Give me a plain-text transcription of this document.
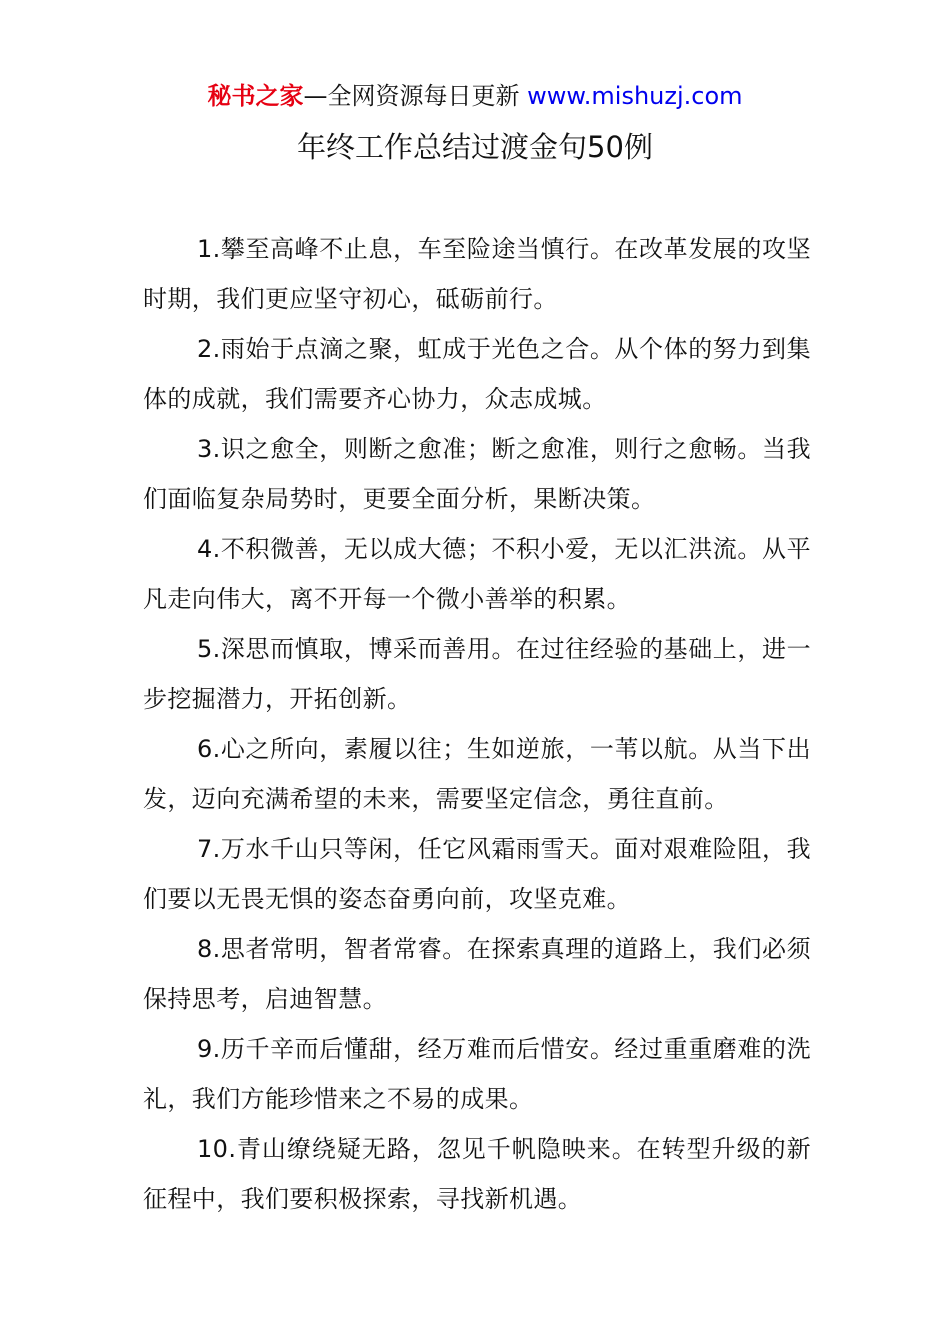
秘书之家—全网资源每日更新 www.mishuzj.com
年终工作总结过渡金句50例

1.攀至高峰不止息，车至险途当慎行。在改革发展的攻坚时期，我们更应坚守初心，砥砺前行。

2.雨始于点滴之聚，虹成于光色之合。从个体的努力到集体的成就，我们需要齐心协力，众志成城。

3.识之愈全，则断之愈准；断之愈准，则行之愈畅。当我们面临复杂局势时，更要全面分析，果断决策。

4.不积微善，无以成大德；不积小爱，无以汇洪流。从平凡走向伟大，离不开每一个微小善举的积累。

5.深思而慎取，博采而善用。在过往经验的基础上，进一步挖掘潜力，开拓创新。

6.心之所向，素履以往；生如逆旅，一苇以航。从当下出发，迈向充满希望的未来，需要坚定信念，勇往直前。

7.万水千山只等闲，任它风霜雨雪天。面对艰难险阻，我们要以无畏无惧的姿态奋勇向前，攻坚克难。

8.思者常明，智者常睿。在探索真理的道路上，我们必须保持思考，启迪智慧。

9.历千辛而后懂甜，经万难而后惜安。经过重重磨难的洗礼，我们方能珍惜来之不易的成果。

10.青山缭绕疑无路，忽见千帆隐映来。在转型升级的新征程中，我们要积极探索，寻找新机遇。
